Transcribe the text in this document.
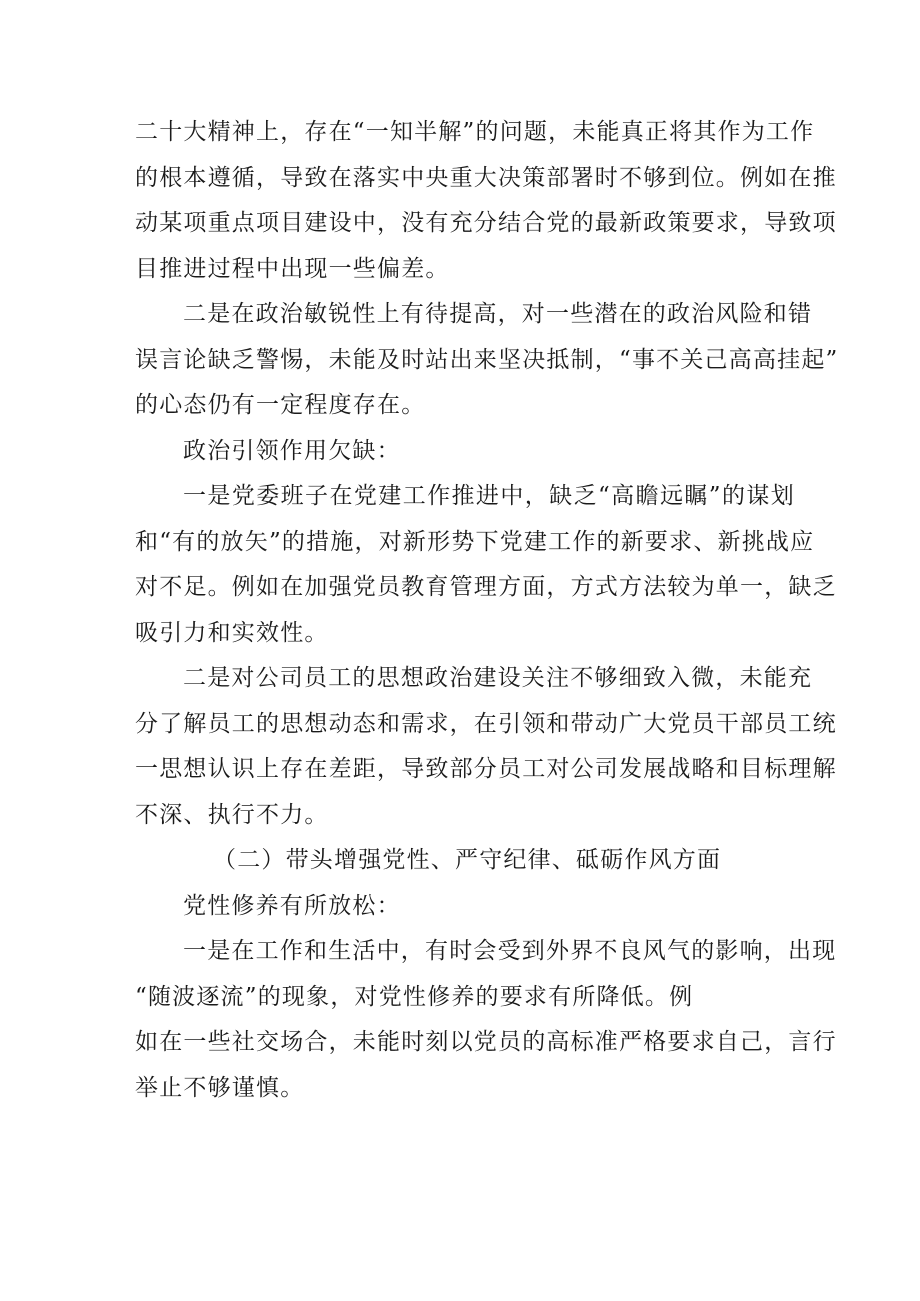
二十大精神上，存在“一知半解”的问题，未能真正将其作为工作
的根本遵循，导致在落实中央重大决策部署时不够到位。例如在推
动某项重点项目建设中，没有充分结合党的最新政策要求，导致项
目推进过程中出现一些偏差。
二是在政治敏锐性上有待提高，对一些潜在的政治风险和错
误言论缺乏警惕，未能及时站出来坚决抵制，“事不关己高高挂起”
的心态仍有一定程度存在。
政治引领作用欠缺：
一是党委班子在党建工作推进中，缺乏“高瞻远瞩”的谋划
和“有的放矢”的措施，对新形势下党建工作的新要求、新挑战应
对不足。例如在加强党员教育管理方面，方式方法较为单一，缺乏
吸引力和实效性。
二是对公司员工的思想政治建设关注不够细致入微，未能充
分了解员工的思想动态和需求，在引领和带动广大党员干部员工统
一思想认识上存在差距，导致部分员工对公司发展战略和目标理解
不深、执行不力。
（二）带头增强党性、严守纪律、砥砺作风方面
党性修养有所放松：
一是在工作和生活中，有时会受到外界不良风气的影响，出现
“随波逐流”的现象，对党性修养的要求有所降低。例
如在一些社交场合，未能时刻以党员的高标准严格要求自己，言行
举止不够谨慎。
